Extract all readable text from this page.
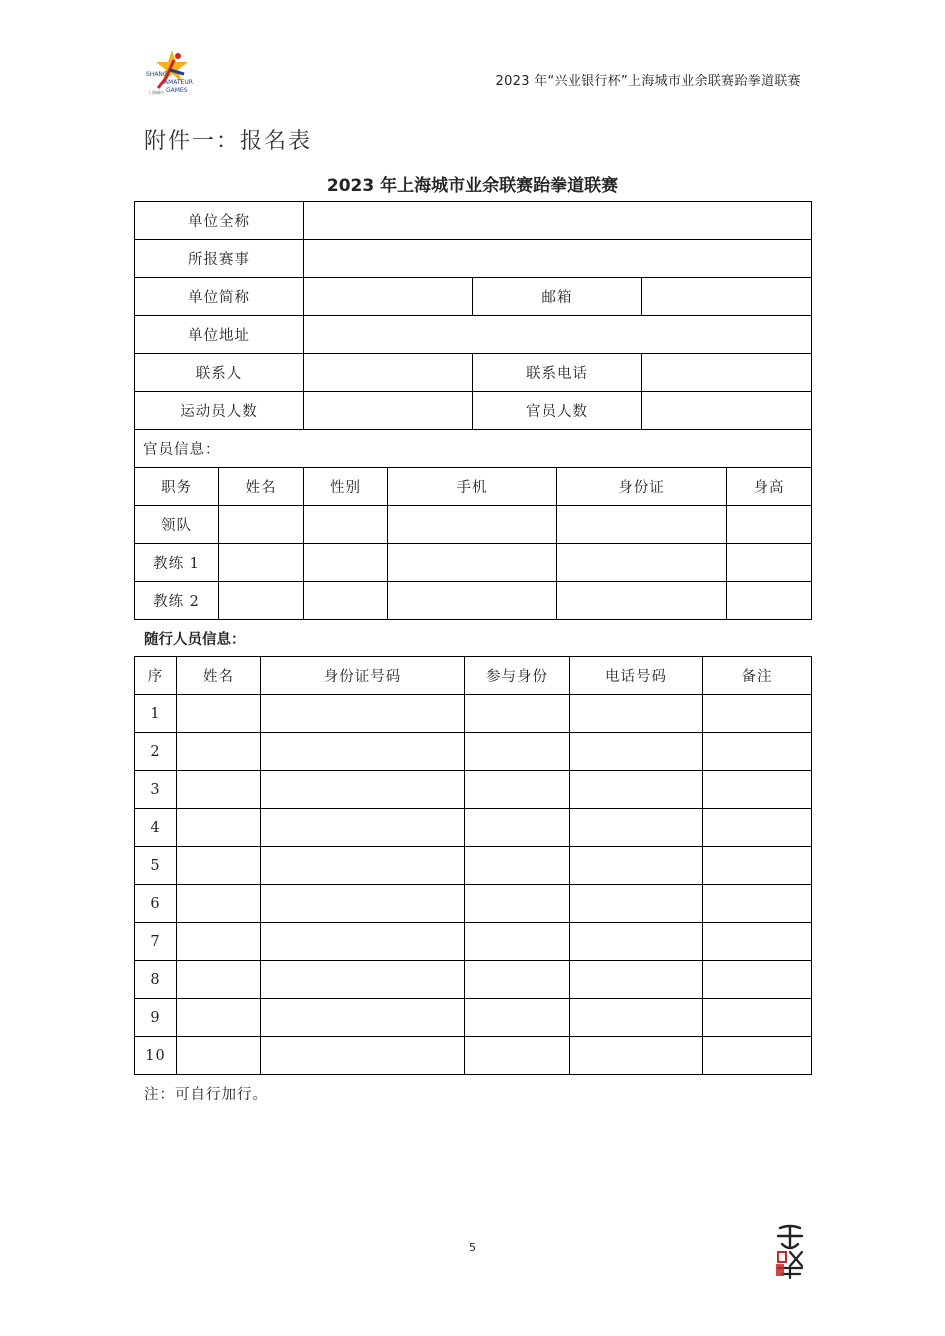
SHANG
AMATEUR
GAMES
上海城市
2023 年“兴业银行杯”上海城市业余联赛跆拳道联赛
附件一：报名表
2023 年上海城市业余联赛跆拳道联赛
单位全称							
所报赛事							
单位简称				邮箱			
单位地址							
联系人				联系电话			
运动员人数				官员人数			
官员信息：							
职务	姓名	性别	手机		身份证		身高
领队							
教练 1							
教练 2							
随行人员信息：
序	姓名	身份证号码	参与身份	电话号码	备注
1					
2					
3					
4					
5					
6					
7					
8					
9					
10					
注：可自行加行。
5
